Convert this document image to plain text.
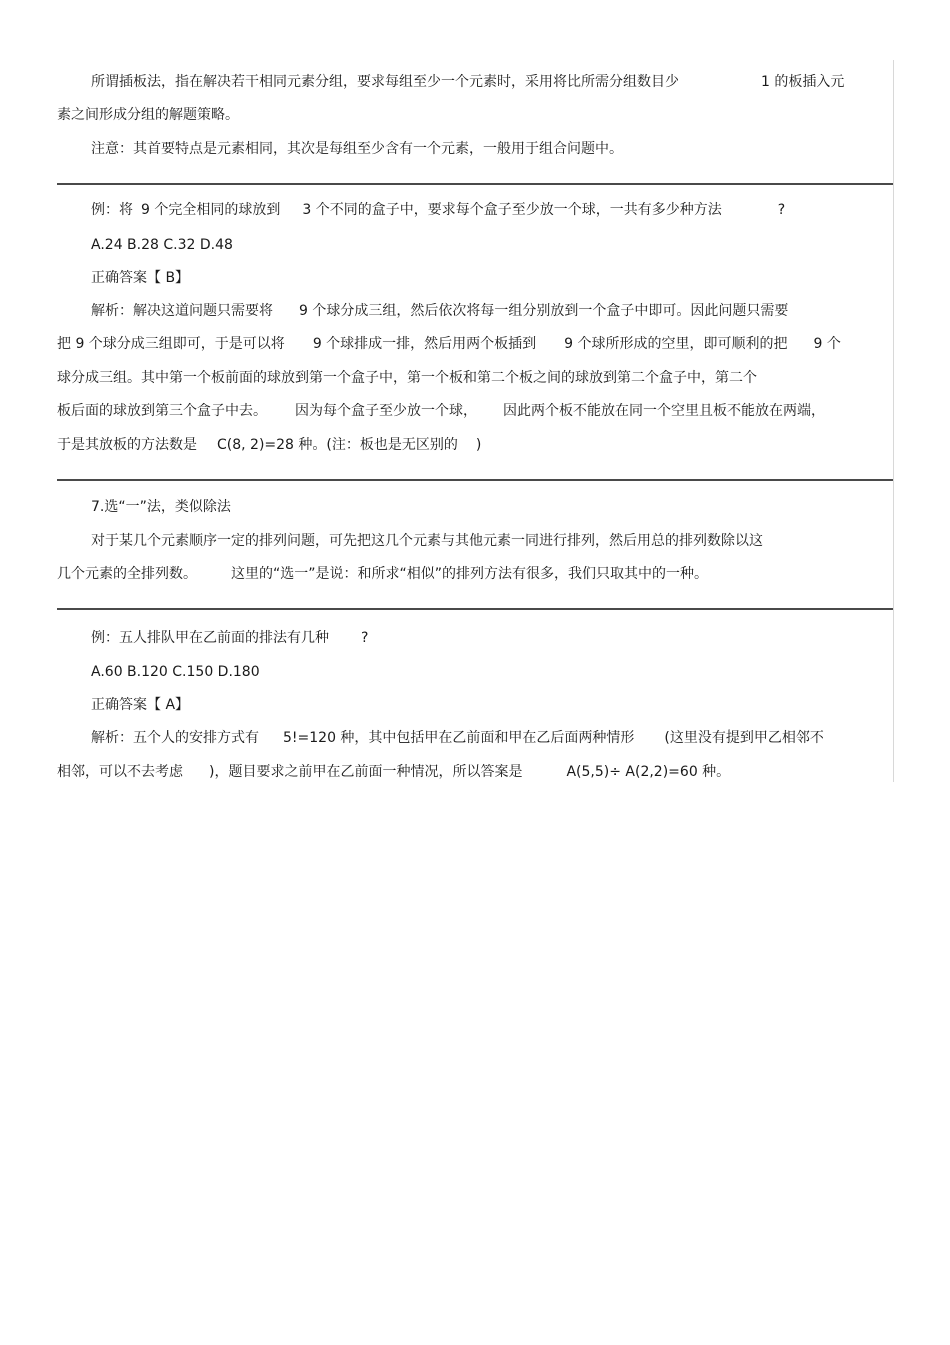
所谓插板法，指在解决若干相同元素分组，要求每组至少一个元素时，采用将比所需分组数目少	1 的板插入元
素之间形成分组的解题策略。
注意：其首要特点是元素相同，其次是每组至少含有一个元素，一般用于组合问题中。
例：将 9 个完全相同的球放到 3 个不同的盒子中，要求每个盒子至少放一个球，一共有多少种方法	?
A.24 B.28 C.32 D.48
正确答案【 B】
解析：解决这道问题只需要将 9 个球分成三组，然后依次将每一组分别放到一个盒子中即可。因此问题只需要
把 9 个球分成三组即可，于是可以将 9 个球排成一排，然后用两个板插到 9 个球所形成的空里，即可顺利的把 9 个
球分成三组。其中第一个板前面的球放到第一个盒子中，第一个板和第二个板之间的球放到第二个盒子中，第二个
板后面的球放到第三个盒子中去。 因为每个盒子至少放一个球， 因此两个板不能放在同一个空里且板不能放在两端，
于是其放板的方法数是 C(8, 2)=28 种。(注：板也是无区别的 )
7.选“一”法，类似除法
对于某几个元素顺序一定的排列问题，可先把这几个元素与其他元素一同进行排列，然后用总的排列数除以这
几个元素的全排列数。 这里的“选一”是说：和所求“相似”的排列方法有很多，我们只取其中的一种。
例：五人排队甲在乙前面的排法有几种 ?
A.60 B.120 C.150 D.180
正确答案【 A】
解析：五个人的安排方式有 5!=120 种，其中包括甲在乙前面和甲在乙后面两种情形 (这里没有提到甲乙相邻不
相邻，可以不去考虑 )，题目要求之前甲在乙前面一种情况，所以答案是	A(5,5)÷ A(2,2)=60 种。
